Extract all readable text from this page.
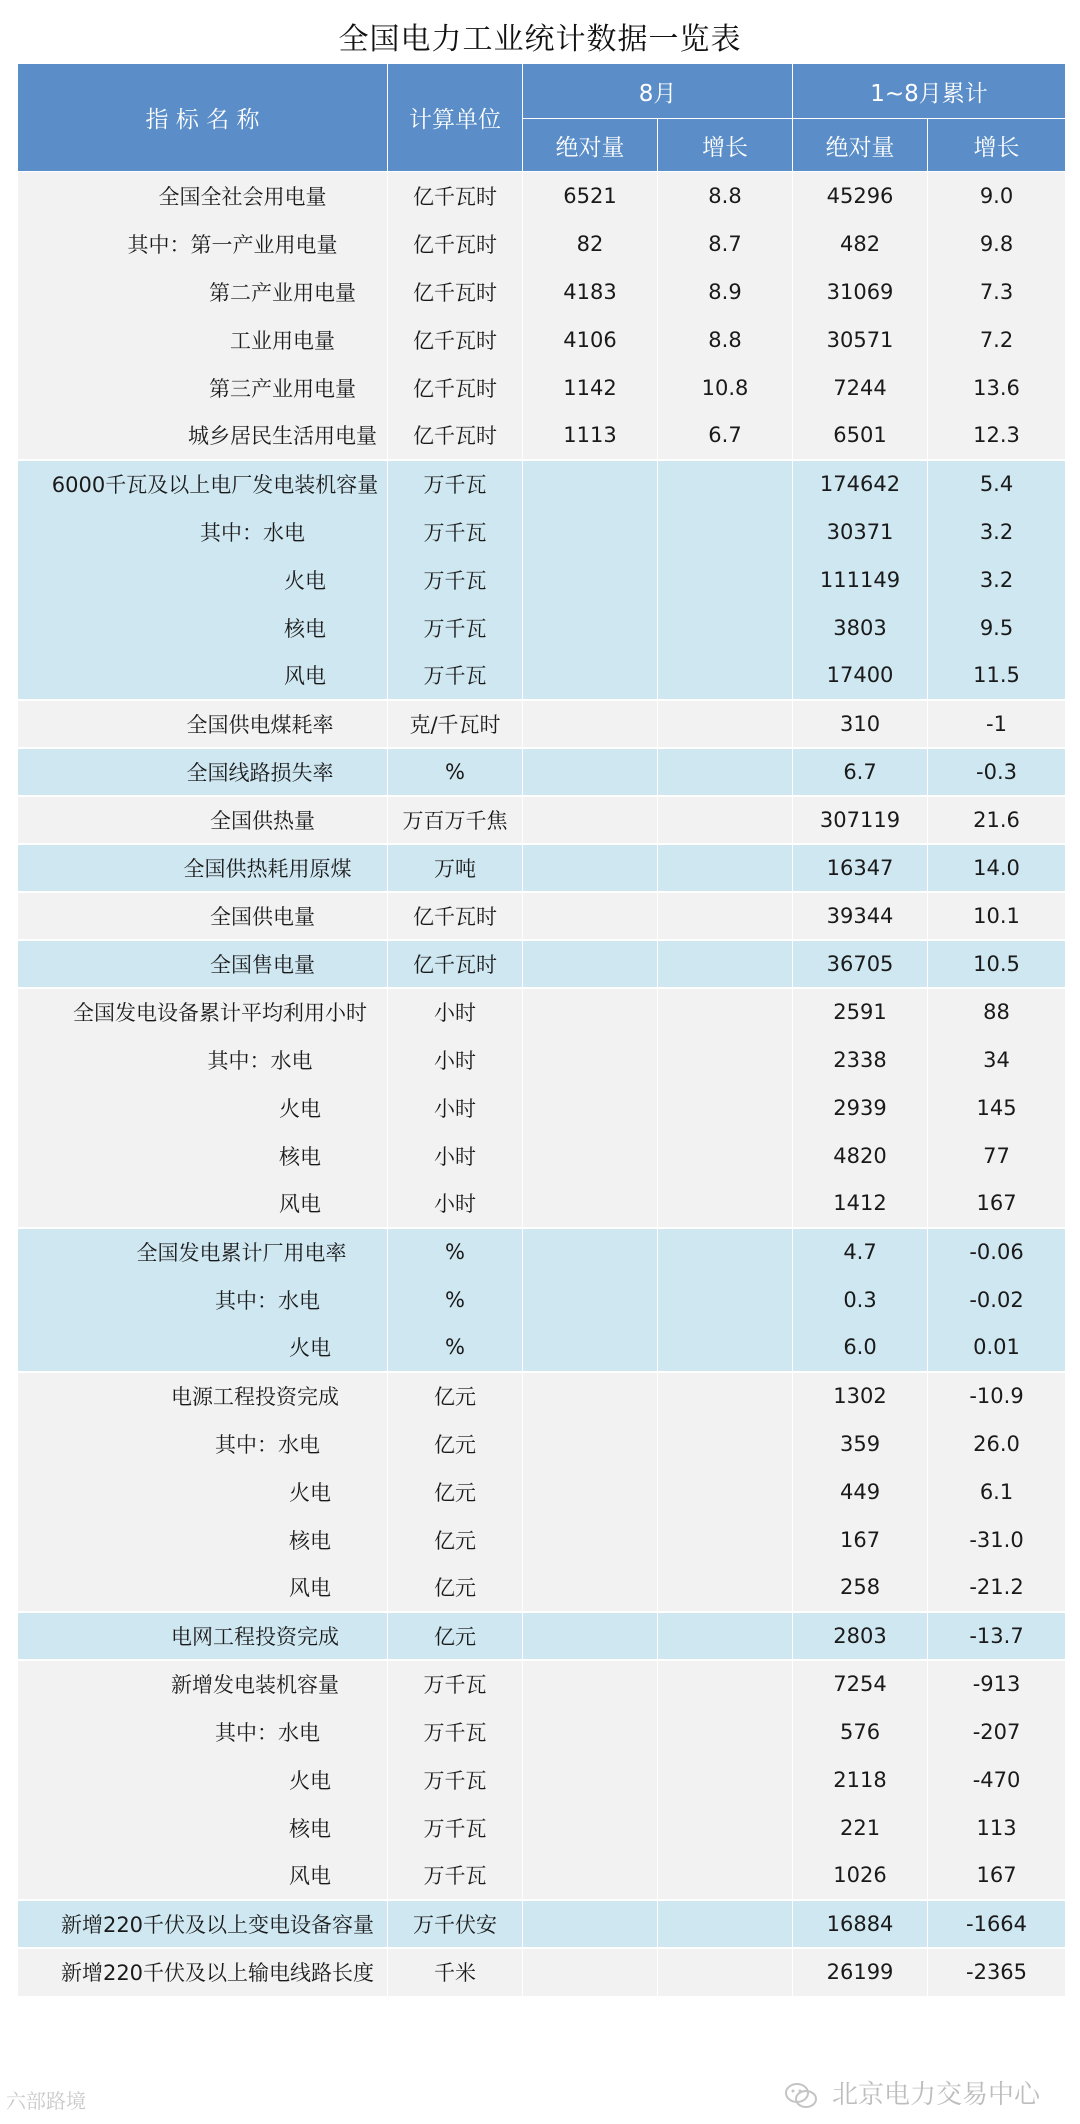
全国电力工业统计数据一览表
指 标 名 称	计算单位	8月		1~8月累计	
		绝对量	增长	绝对量	增长
全国全社会用电量	亿千瓦时	6521	8.8	45296	9.0
其中：第一产业用电量	亿千瓦时	82	8.7	482	9.8
第二产业用电量	亿千瓦时	4183	8.9	31069	7.3
工业用电量	亿千瓦时	4106	8.8	30571	7.2
第三产业用电量	亿千瓦时	1142	10.8	7244	13.6
城乡居民生活用电量	亿千瓦时	1113	6.7	6501	12.3
6000千瓦及以上电厂发电装机容量	万千瓦			174642	5.4
其中：水电	万千瓦			30371	3.2
火电	万千瓦			111149	3.2
核电	万千瓦			3803	9.5
风电	万千瓦			17400	11.5
全国供电煤耗率	克/千瓦时			310	-1
全国线路损失率	%			6.7	-0.3
全国供热量	万百万千焦			307119	21.6
全国供热耗用原煤	万吨			16347	14.0
全国供电量	亿千瓦时			39344	10.1
全国售电量	亿千瓦时			36705	10.5
全国发电设备累计平均利用小时	小时			2591	88
其中：水电	小时			2338	34
火电	小时			2939	145
核电	小时			4820	77
风电	小时			1412	167
全国发电累计厂用电率	%			4.7	-0.06
其中：水电	%			0.3	-0.02
火电	%			6.0	0.01
电源工程投资完成	亿元			1302	-10.9
其中：水电	亿元			359	26.0
火电	亿元			449	6.1
核电	亿元			167	-31.0
风电	亿元			258	-21.2
电网工程投资完成	亿元			2803	-13.7
新增发电装机容量	万千瓦			7254	-913
其中：水电	万千瓦			576	-207
火电	万千瓦			2118	-470
核电	万千瓦			221	113
风电	万千瓦			1026	167
新增220千伏及以上变电设备容量	万千伏安			16884	-1664
新增220千伏及以上输电线路长度	千米			26199	-2365
六部路境	北京电力交易中心
